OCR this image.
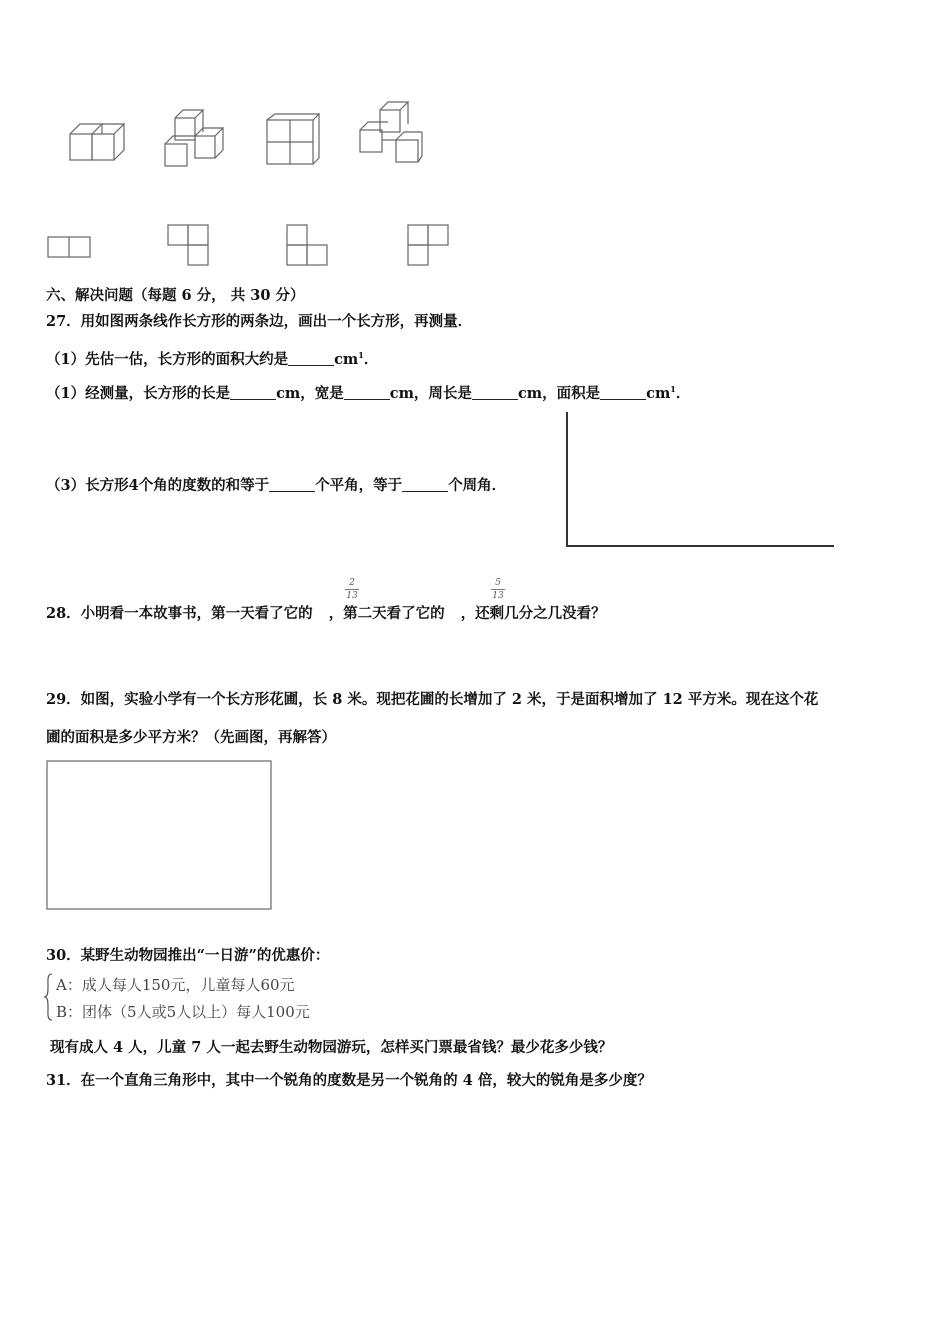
六、解决问题（每题 6 分， 共 30 分）
27．用如图两条线作长方形的两条边，画出一个长方形，再测量．
（1）先估一估，长方形的面积大约是	$cm^1$．
（1）经测量，长方形的长是	cm，宽是	cm，周长是	cm，面积是	$cm^1$．
（3）长方形4个角的度数的和等于	个平角，等于	个周角．
28．小明看一本故事书，第一天看了它的 ，第二天看了它的 ，还剩几分之几没看？
2
13
5
13
29．如图，实验小学有一个长方形花圃，长 8 米。现把花圃的长增加了 2 米，于是面积增加了 12 平方米。现在这个花
圃的面积是多少平方米？（先画图，再解答）
30．某野生动物园推出“一日游”的优惠价：
A：成人每人150元，儿童每人60元
B：团体（5人或5人以上）每人100元
现有成人 4 人，儿童 7 人一起去野生动物园游玩，怎样买门票最省钱？最少花多少钱？
31．在一个直角三角形中，其中一个锐角的度数是另一个锐角的 4 倍，较大的锐角是多少度？
